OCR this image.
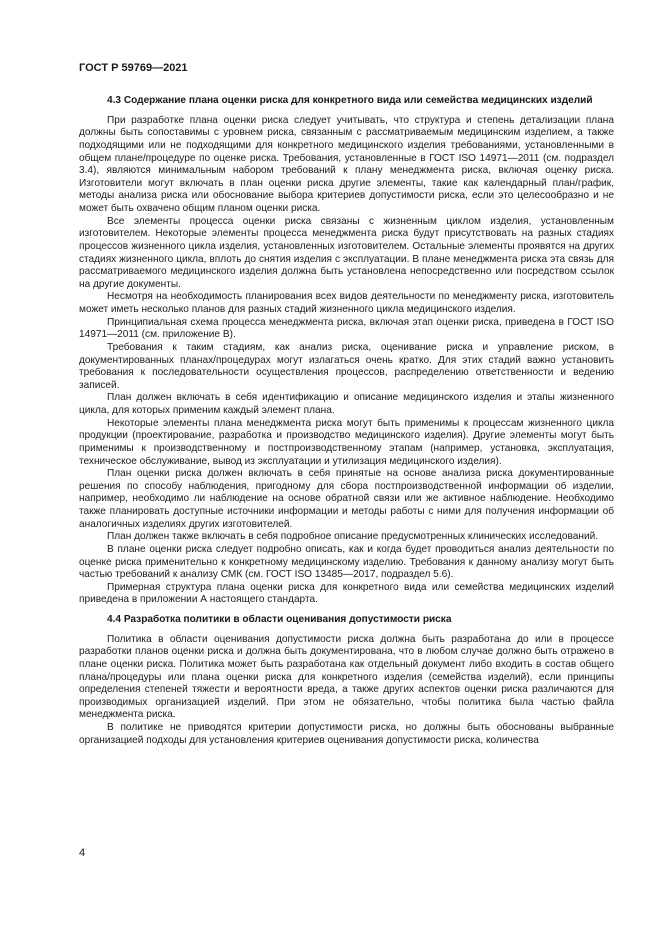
ГОСТ Р 59769—2021
4.3 Содержание плана оценки риска для конкретного вида или семейства медицинских изделий

При разработке плана оценки риска следует учитывать, что структура и степень детализации плана должны быть сопоставимы с уровнем риска, связанным с рассматриваемым медицинским изделием, а также подходящими или не подходящими для конкретного медицинского изделия требованиями, установленными в общем плане/процедуре по оценке риска. Требования, установленные в ГОСТ ISO 14971—2011 (см. подраздел 3.4), являются минимальным набором требований к плану менеджмента риска, включая оценку риска. Изготовители могут включать в план оценки риска другие элементы, такие как календарный план/график, методы анализа риска или обоснование выбора критериев допустимости риска, если это целесообразно и не может быть охвачено общим планом оценки риска.

Все элементы процесса оценки риска связаны с жизненным циклом изделия, установленным изготовителем. Некоторые элементы процесса менеджмента риска будут присутствовать на разных стадиях процессов жизненного цикла изделия, установленных изготовителем. Остальные элементы проявятся на других стадиях жизненного цикла, вплоть до снятия изделия с эксплуатации. В плане менеджмента риска эта связь для рассматриваемого медицинского изделия должна быть установлена непосредственно или посредством ссылок на другие документы.

Несмотря на необходимость планирования всех видов деятельности по менеджменту риска, изготовитель может иметь несколько планов для разных стадий жизненного цикла медицинского изделия.

Принципиальная схема процесса менеджмента риска, включая этап оценки риска, приведена в ГОСТ ISO 14971—2011 (см. приложение В).

Требования к таким стадиям, как анализ риска, оценивание риска и управление риском, в документированных планах/процедурах могут излагаться очень кратко. Для этих стадий важно установить требования к последовательности осуществления процессов, распределению ответственности и ведению записей.

План должен включать в себя идентификацию и описание медицинского изделия и этапы жизненного цикла, для которых применим каждый элемент плана.

Некоторые элементы плана менеджмента риска могут быть применимы к процессам жизненного цикла продукции (проектирование, разработка и производство медицинского изделия). Другие элементы могут быть применимы к производственному и постпроизводственному этапам (например, установка, эксплуатация, техническое обслуживание, вывод из эксплуатации и утилизация медицинского изделия).

План оценки риска должен включать в себя принятые на основе анализа риска документированные решения по способу наблюдения, пригодному для сбора постпроизводственной информации об изделии, например, необходимо ли наблюдение на основе обратной связи или же активное наблюдение. Необходимо также планировать доступные источники информации и методы работы с ними для получения информации об аналогичных изделиях других изготовителей.

План должен также включать в себя подробное описание предусмотренных клинических исследований.

В плане оценки риска следует подробно описать, как и когда будет проводиться анализ деятельности по оценке риска применительно к конкретному медицинскому изделию. Требования к данному анализу могут быть частью требований к анализу СМК (см. ГОСТ ISO 13485—2017, подраздел 5.6).

Примерная структура плана оценки риска для конкретного вида или семейства медицинских изделий приведена в приложении А настоящего стандарта.

4.4 Разработка политики в области оценивания допустимости риска

Политика в области оценивания допустимости риска должна быть разработана до или в процессе разработки планов оценки риска и должна быть документирована, что в любом случае должно быть отражено в плане оценки риска. Политика может быть разработана как отдельный документ либо входить в состав общего плана/процедуры или плана оценки риска для конкретного изделия (семейства изделий), если принципы определения степеней тяжести и вероятности вреда, а также других аспектов оценки риска различаются для производимых организацией изделий. При этом не обязательно, чтобы политика была частью файла менеджмента риска.

В политике не приводятся критерии допустимости риска, но должны быть обоснованы выбранные организацией подходы для установления критериев оценивания допустимости риска, количества

4
